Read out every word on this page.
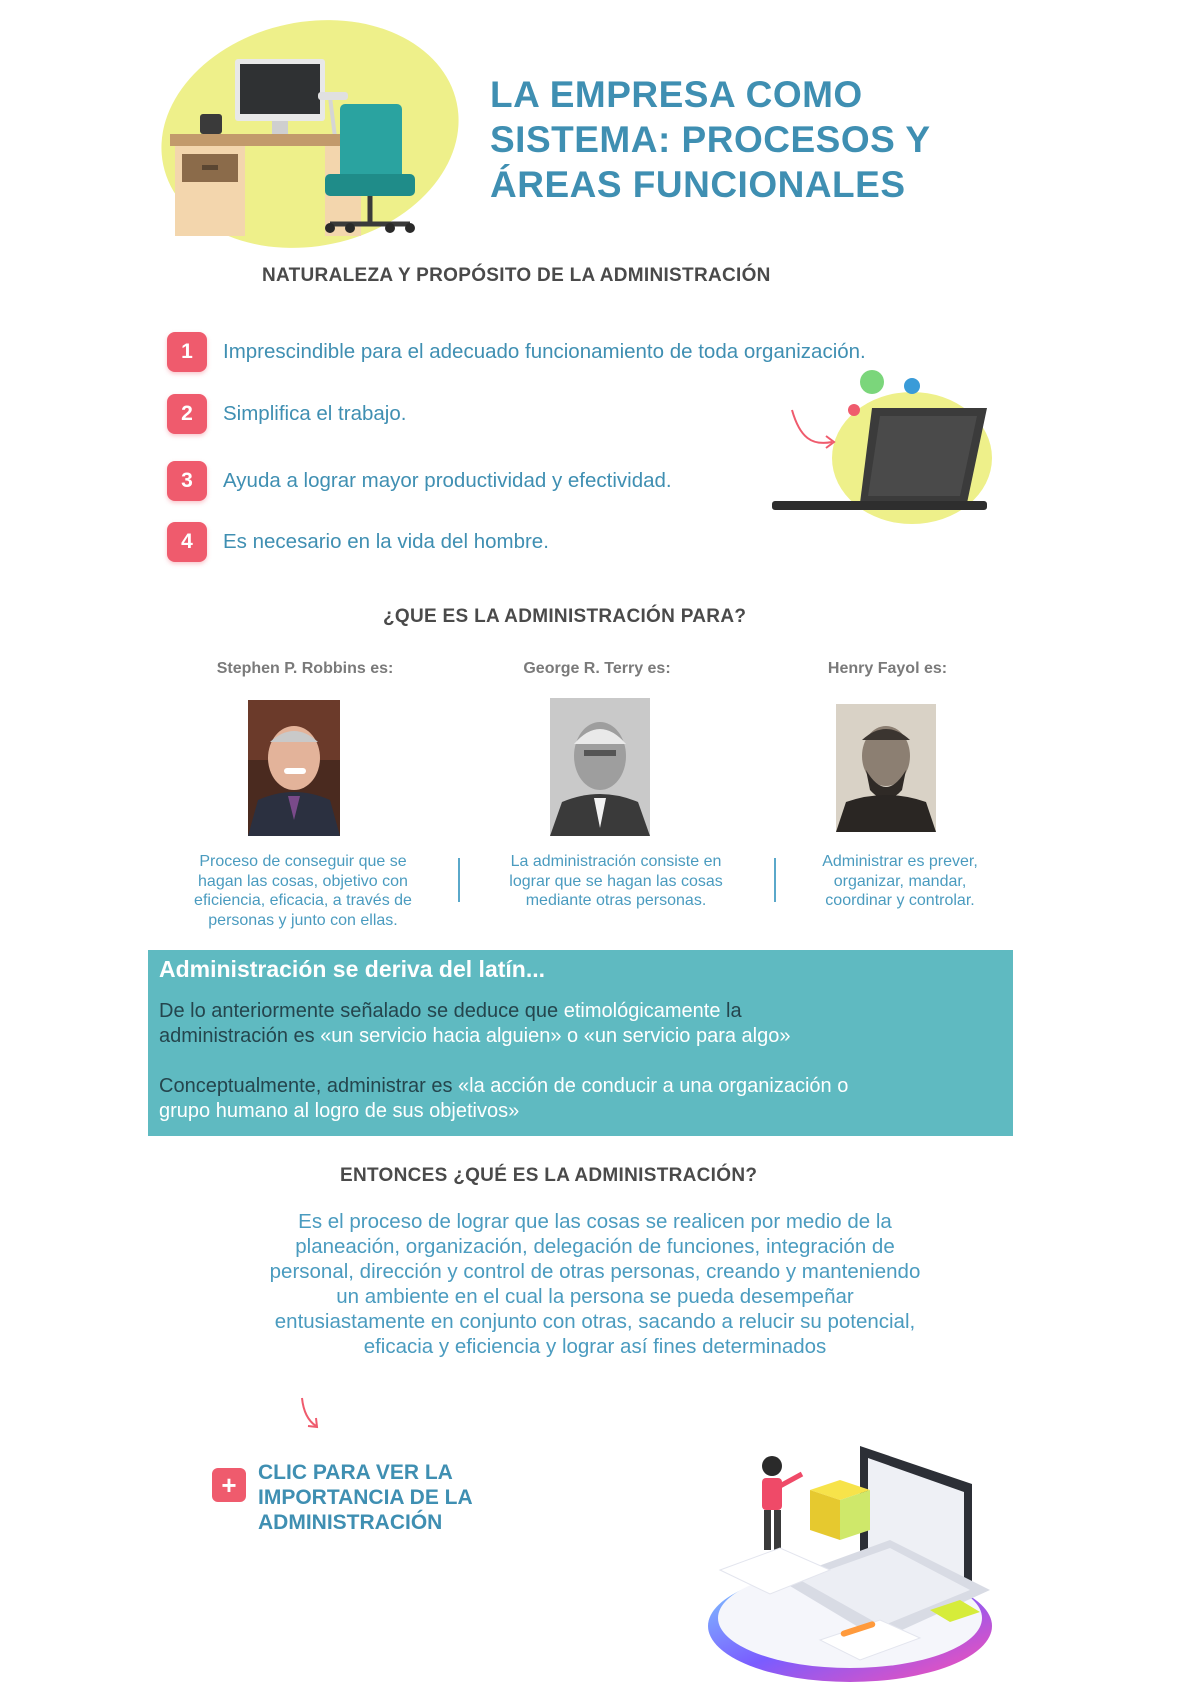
LA EMPRESA COMO
SISTEMA: PROCESOS Y
ÁREAS FUNCIONALES
NATURALEZA Y PROPÓSITO DE LA ADMINISTRACIÓN
1	Imprescindible para el adecuado funcionamiento de toda organización.
2	Simplifica el trabajo.
3	Ayuda a lograr mayor productividad y efectividad.
4	Es necesario en la vida del hombre.
¿QUE ES LA ADMINISTRACIÓN PARA?
Stephen P. Robbins es:
Proceso de conseguir que se
hagan las cosas, objetivo con
eficiencia, eficacia, a través de
personas y junto con ellas.
George R. Terry es:
La administración consiste en
lograr que se hagan las cosas
mediante otras personas.
Henry Fayol es:
Administrar es prever,
organizar, mandar,
coordinar y controlar.
Administración se deriva del latín...
De lo anteriormente señalado se deduce que etimológicamente la
administración es «un servicio hacia alguien» o «un servicio para algo»
Conceptualmente, administrar es «la acción de conducir a una organización o
grupo humano al logro de sus objetivos»
ENTONCES ¿QUÉ ES LA ADMINISTRACIÓN?
Es el proceso de lograr que las cosas se realicen por medio de la
planeación, organización, delegación de funciones, integración de
personal, dirección y control de otras personas, creando y manteniendo
un ambiente en el cual la persona se pueda desempeñar
entusiastamente en conjunto con otras, sacando a relucir su potencial,
eficacia y eficiencia y lograr así fines determinados
+	CLIC PARA VER LA
IMPORTANCIA DE LA
ADMINISTRACIÓN
